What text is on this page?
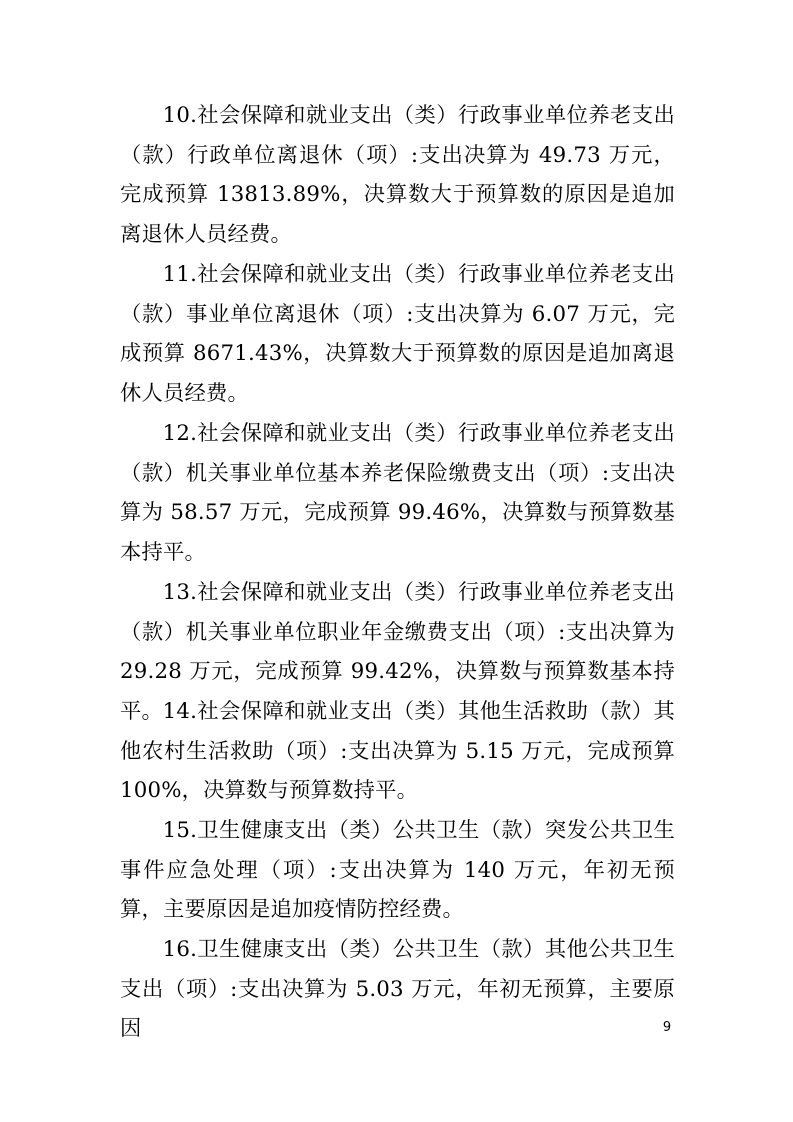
10.社会保障和就业支出（类）行政事业单位养老支出（款）行政单位离退休（项）:支出决算为 49.73 万元，完成预算 13813.89%，决算数大于预算数的原因是追加离退休人员经费。

11.社会保障和就业支出（类）行政事业单位养老支出（款）事业单位离退休（项）:支出决算为 6.07 万元，完成预算 8671.43%，决算数大于预算数的原因是追加离退休人员经费。

12.社会保障和就业支出（类）行政事业单位养老支出（款）机关事业单位基本养老保险缴费支出（项）:支出决算为 58.57 万元，完成预算 99.46%，决算数与预算数基本持平。

13.社会保障和就业支出（类）行政事业单位养老支出（款）机关事业单位职业年金缴费支出（项）:支出决算为29.28 万元，完成预算 99.42%，决算数与预算数基本持平。 14.社会保障和就业支出（类）其他生活救助（款）其他农村生活救助（项）:支出决算为 5.15 万元，完成预算100%，决算数与预算数持平。

15.卫生健康支出（类）公共卫生（款）突发公共卫生事件应急处理（项）:支出决算为 140 万元，年初无预算，主要原因是追加疫情防控经费。

16.卫生健康支出（类）公共卫生（款）其他公共卫生支出（项）:支出决算为 5.03 万元，年初无预算，主要原因	9
